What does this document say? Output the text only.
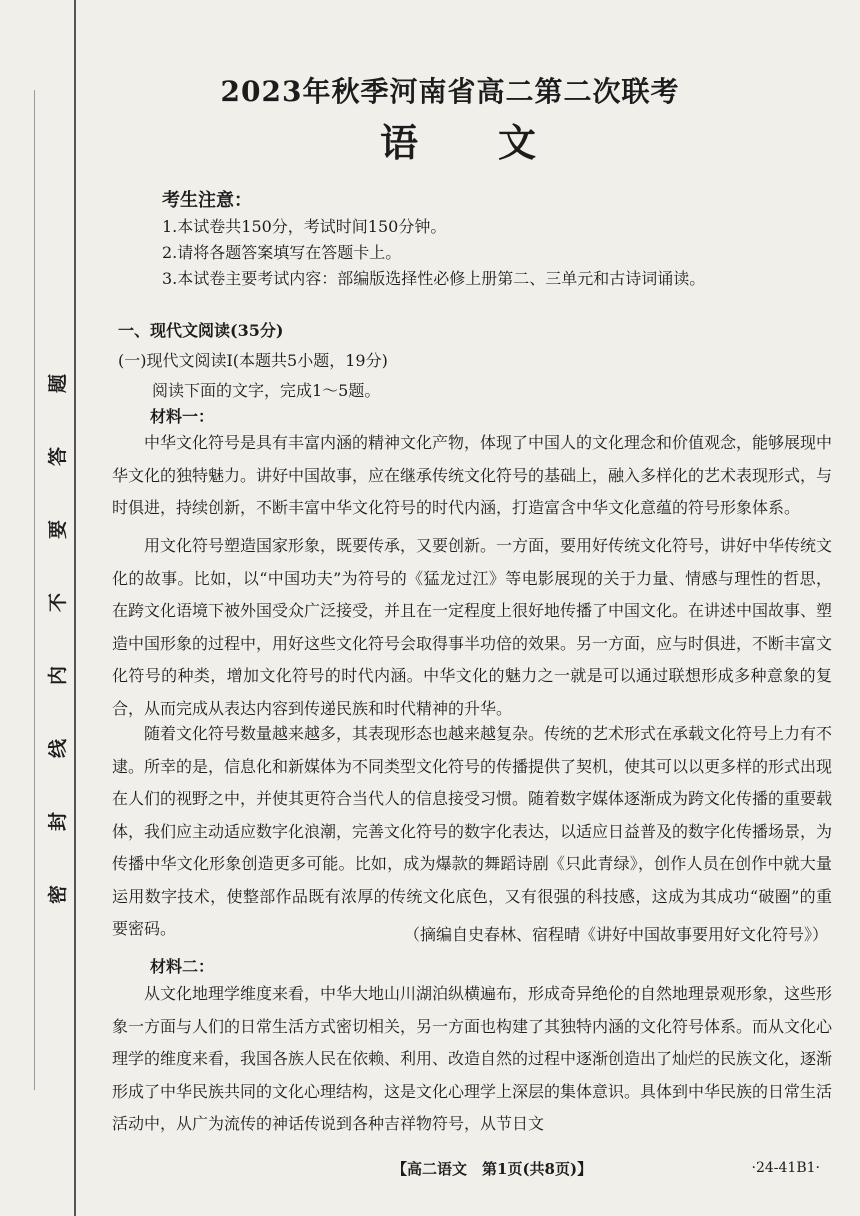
题
答
要
不
内
线
封
密
2023年秋季河南省高二第二次联考
语文
考生注意：
1.本试卷共150分，考试时间150分钟。
2.请将各题答案填写在答题卡上。
3.本试卷主要考试内容：部编版选择性必修上册第二、三单元和古诗词诵读。
一、现代文阅读(35分)
(一)现代文阅读Ⅰ(本题共5小题，19分)
阅读下面的文字，完成1～5题。
材料一：
中华文化符号是具有丰富内涵的精神文化产物，体现了中国人的文化理念和价值观念，能够展现中华文化的独特魅力。讲好中国故事，应在继承传统文化符号的基础上，融入多样化的艺术表现形式，与时俱进，持续创新，不断丰富中华文化符号的时代内涵，打造富含中华文化意蕴的符号形象体系。
用文化符号塑造国家形象，既要传承，又要创新。一方面，要用好传统文化符号，讲好中华传统文化的故事。比如，以“中国功夫”为符号的《猛龙过江》等电影展现的关于力量、情感与理性的哲思，在跨文化语境下被外国受众广泛接受，并且在一定程度上很好地传播了中国文化。在讲述中国故事、塑造中国形象的过程中，用好这些文化符号会取得事半功倍的效果。另一方面，应与时俱进，不断丰富文化符号的种类，增加文化符号的时代内涵。中华文化的魅力之一就是可以通过联想形成多种意象的复合，从而完成从表达内容到传递民族和时代精神的升华。
随着文化符号数量越来越多，其表现形态也越来越复杂。传统的艺术形式在承载文化符号上力有不逮。所幸的是，信息化和新媒体为不同类型文化符号的传播提供了契机，使其可以以更多样的形式出现在人们的视野之中，并使其更符合当代人的信息接受习惯。随着数字媒体逐渐成为跨文化传播的重要载体，我们应主动适应数字化浪潮，完善文化符号的数字化表达，以适应日益普及的数字化传播场景，为传播中华文化形象创造更多可能。比如，成为爆款的舞蹈诗剧《只此青绿》，创作人员在创作中就大量运用数字技术，使整部作品既有浓厚的传统文化底色，又有很强的科技感，这成为其成功“破圈”的重要密码。	（摘编自史春林、宿程晴《讲好中国故事要用好文化符号》）
材料二：
从文化地理学维度来看，中华大地山川湖泊纵横遍布，形成奇异绝伦的自然地理景观形象，这些形象一方面与人们的日常生活方式密切相关，另一方面也构建了其独特内涵的文化符号体系。而从文化心理学的维度来看，我国各族人民在依赖、利用、改造自然的过程中逐渐创造出了灿烂的民族文化，逐渐形成了中华民族共同的文化心理结构，这是文化心理学上深层的集体意识。具体到中华民族的日常生活活动中，从广为流传的神话传说到各种吉祥物符号，从节日文
【高二语文　第1页(共8页)】	·24-41B1·
